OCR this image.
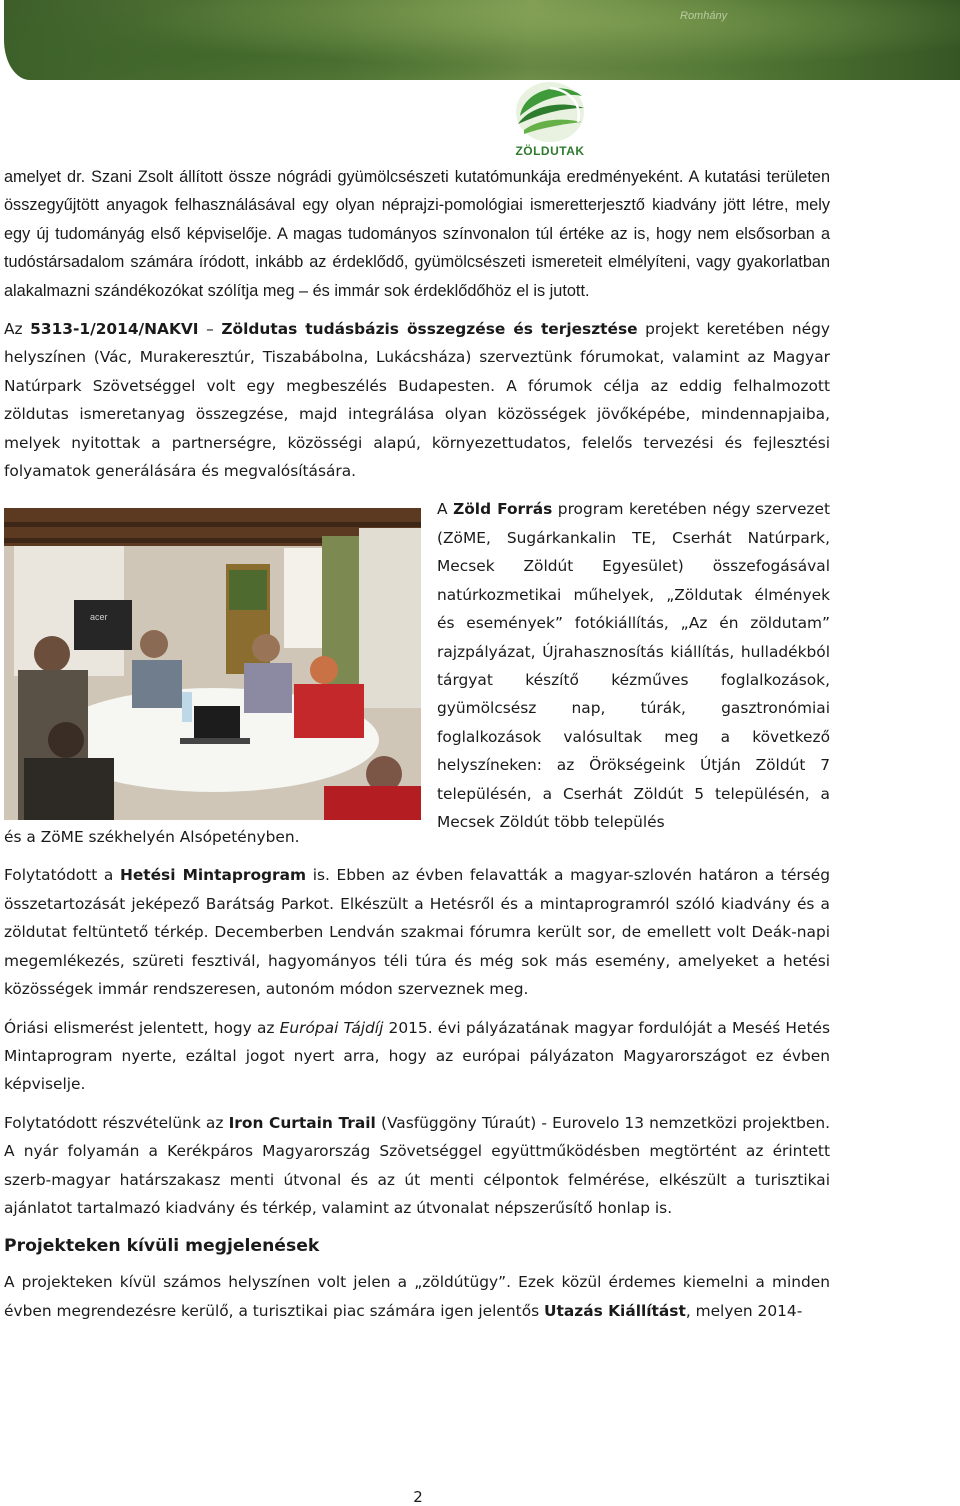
Romhány
ZÖLDUTAK

amelyet dr. Szani Zsolt állított össze nógrádi gyümölcsészeti kutatómunkája eredményeként. A kutatási területen összegyűjtött anyagok felhasználásával egy olyan néprajzi-pomológiai ismeretterjesztő kiadvány jött létre, mely egy új tudományág első képviselője. A magas tudományos színvonalon túl értéke az is, hogy nem elsősorban a tudóstársadalom számára íródott, inkább az érdeklődő, gyümölcsészeti ismereteit elmélyíteni, vagy gyakorlatban alakalmazni szándékozókat szólítja meg – és immár sok érdeklődőhöz el is jutott.

Az 5313-1/2014/NAKVI – Zöldutas tudásbázis összegzése és terjesztése projekt keretében négy helyszínen (Vác, Murakeresztúr, Tiszabábolna, Lukácsháza) szerveztünk fórumokat, valamint az Magyar Natúrpark Szövetséggel volt egy megbeszélés Budapesten. A fórumok célja az eddig felhalmozott zöldutas ismeretanyag összegzése, majd integrálása olyan közösségek jövőképébe, mindennapjaiba, melyek nyitottak a partnerségre, közösségi alapú, környezettudatos, felelős tervezési és fejlesztési folyamatok generálására és megvalósítására.

acer

A Zöld Forrás program keretében négy szervezet (ZöME, Sugárkankalin TE, Cserhát Natúrpark, Mecsek Zöldút Egyesület) összefogásával natúrkozmetikai műhelyek, „Zöldutak élmények és események” fotókiállítás, „Az én zöldutam” rajzpályázat, Újrahasznosítás kiállítás, hulladékból tárgyat készítő kézműves foglalkozások, gyümölcsész nap, túrák, gasztronómiai foglalkozások valósultak meg a következő helyszíneken: az Örökségeink Útján Zöldút 7 településén, a Cserhát Zöldút 5 településén, a Mecsek Zöldút több település

és a ZöME székhelyén Alsópetényben.

Folytatódott a Hetési Mintaprogram is. Ebben az évben felavatták a magyar-szlovén határon a térség összetartozását jeképező Barátság Parkot. Elkészült a Hetésről és a mintaprogramról szóló kiadvány és a zöldutat feltüntető térkép. Decemberben Lendván szakmai fórumra került sor, de emellett volt Deák-napi megemlékezés, szüreti fesztivál, hagyományos téli túra és még sok más esemény, amelyeket a hetési közösségek immár rendszeresen, autonóm módon szerveznek meg.

Óriási elismerést jelentett, hogy az Európai Tájdíj 2015. évi pályázatának magyar fordulóját a Meséś Hetés Mintaprogram nyerte, ezáltal jogot nyert arra, hogy az európai pályázaton Magyarországot ez évben képviselje.

Folytatódott részvételünk az Iron Curtain Trail (Vasfüggöny Túraút) - Eurovelo 13 nemzetközi projektben. A nyár folyamán a Kerékpáros Magyarország Szövetséggel együttműködésben megtörtént az érintett szerb-magyar határszakasz menti útvonal és az út menti célpontok felmérése, elkészült a turisztikai ajánlatot tartalmazó kiadvány és térkép, valamint az útvonalat népszerűsítő honlap is.

Projekteken kívüli megjelenések

A projekteken kívül számos helyszínen volt jelen a „zöldútügy”. Ezek közül érdemes kiemelni a minden évben megrendezésre kerülő, a turisztikai piac számára igen jelentős Utazás Kiállítást, melyen 2014-

2
